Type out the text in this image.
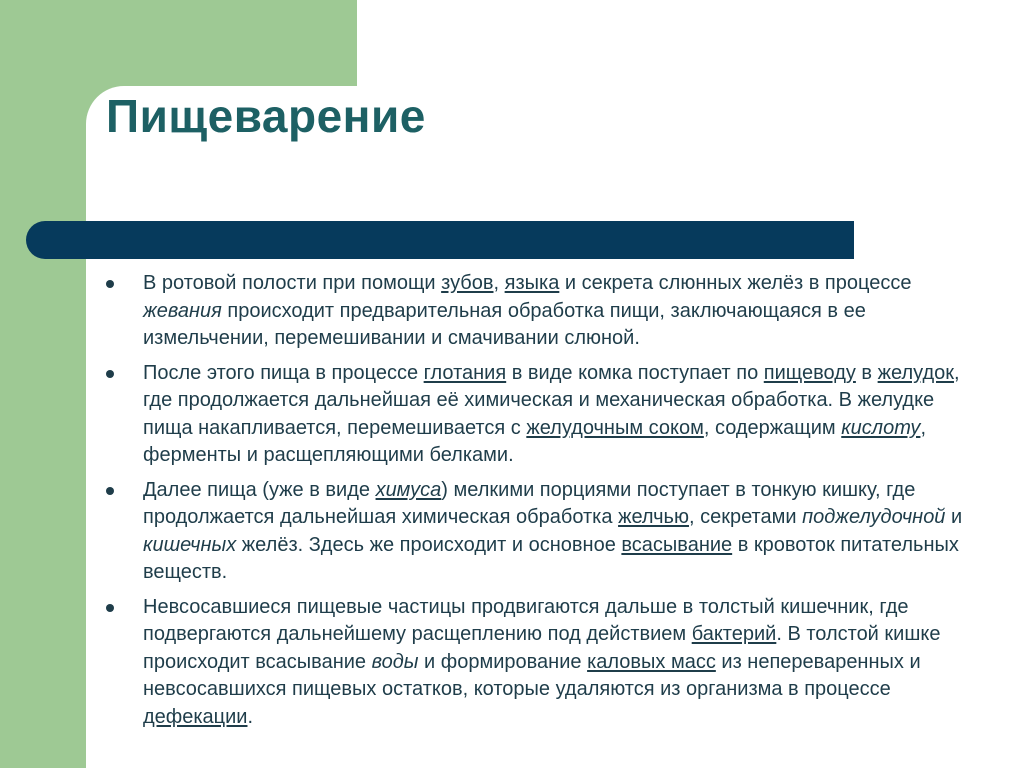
Пищеварение
В ротовой полости при помощи зубов, языка и секрета слюнных желёз в процессе жевания происходит предварительная обработка пищи, заключающаяся в ее измельчении, перемешивании и смачивании слюной.
После этого пища в процессе глотания в виде комка поступает по пищеводу в желудок, где продолжается дальнейшая её химическая и механическая обработка. В желудке пища накапливается, перемешивается с желудочным соком, содержащим кислоту, ферменты и расщепляющими белками.
Далее пища (уже в виде химуса) мелкими порциями поступает в тонкую кишку, где продолжается дальнейшая химическая обработка желчью, секретами поджелудочной и кишечных желёз. Здесь же происходит и основное всасывание в кровоток питательных веществ.
Невсосавшиеся пищевые частицы продвигаются дальше в толстый кишечник, где подвергаются дальнейшему расщеплению под действием бактерий. В толстой кишке происходит всасывание воды и формирование каловых масс из непереваренных и невсосавшихся пищевых остатков, которые удаляются из организма в процессе дефекации.
